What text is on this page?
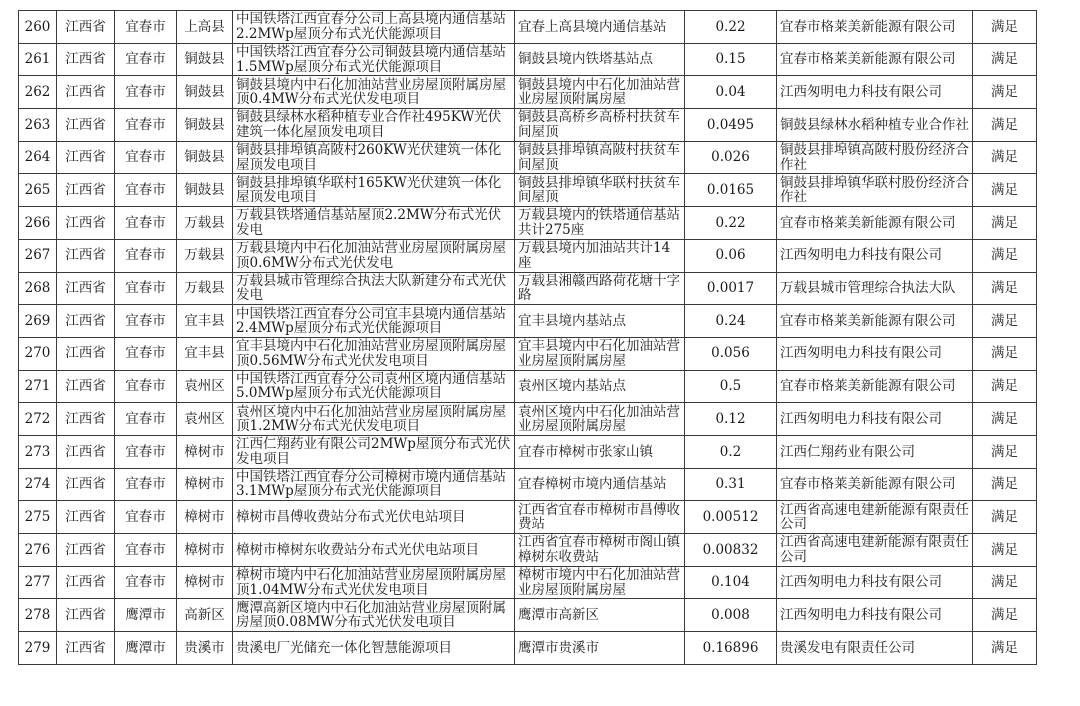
260	江西省	宜春市	上高县	中国铁塔江西宜春分公司上高县境内通信基站2.2MWp屋顶分布式光伏能源项目	宜春上高县境内通信基站	0.22	宜春市格莱美新能源有限公司	满足
261	江西省	宜春市	铜鼓县	中国铁塔江西宜春分公司铜鼓县境内通信基站1.5MWp屋顶分布式光伏能源项目	铜鼓县境内铁塔基站点	0.15	宜春市格莱美新能源有限公司	满足
262	江西省	宜春市	铜鼓县	铜鼓县境内中石化加油站营业房屋顶附属房屋顶0.4MW分布式光伏发电项目	铜鼓县境内中石化加油站营业房屋顶附属房屋	0.04	江西匆明电力科技有限公司	满足
263	江西省	宜春市	铜鼓县	铜鼓县绿林水稻种植专业合作社495KW光伏建筑一体化屋顶发电项目	铜鼓县高桥乡高桥村扶贫车间屋顶	0.0495	铜鼓县绿林水稻种植专业合作社	满足
264	江西省	宜春市	铜鼓县	铜鼓县排埠镇高陂村260KW光伏建筑一体化屋顶发电项目	铜鼓县排埠镇高陂村扶贫车间屋顶	0.026	铜鼓县排埠镇高陂村股份经济合作社	满足
265	江西省	宜春市	铜鼓县	铜鼓县排埠镇华联村165KW光伏建筑一体化屋顶发电项目	铜鼓县排埠镇华联村扶贫车间屋顶	0.0165	铜鼓县排埠镇华联村股份经济合作社	满足
266	江西省	宜春市	万载县	万载县铁塔通信基站屋顶2.2MW分布式光伏发电	万载县境内的铁塔通信基站共计275座	0.22	宜春市格莱美新能源有限公司	满足
267	江西省	宜春市	万载县	万载县境内中石化加油站营业房屋顶附属房屋顶0.6MW分布式光伏发电	万载县境内加油站共计14座	0.06	江西匆明电力科技有限公司	满足
268	江西省	宜春市	万载县	万载县城市管理综合执法大队新建分布式光伏发电	万载县湘赣西路荷花塘十字路	0.0017	万载县城市管理综合执法大队	满足
269	江西省	宜春市	宜丰县	中国铁塔江西宜春分公司宜丰县境内通信基站2.4MWp屋顶分布式光伏能源项目	宜丰县境内基站点	0.24	宜春市格莱美新能源有限公司	满足
270	江西省	宜春市	宜丰县	宜丰县境内中石化加油站营业房屋顶附属房屋顶0.56MW分布式光伏发电项目	宜丰县境内中石化加油站营业房屋顶附属房屋	0.056	江西匆明电力科技有限公司	满足
271	江西省	宜春市	袁州区	中国铁塔江西宜春分公司袁州区境内通信基站5.0MWp屋顶分布式光伏能源项目	袁州区境内基站点	0.5	宜春市格莱美新能源有限公司	满足
272	江西省	宜春市	袁州区	袁州区境内中石化加油站营业房屋顶附属房屋顶1.2MW分布式光伏发电项目	袁州区境内中石化加油站营业房屋顶附属房屋	0.12	江西匆明电力科技有限公司	满足
273	江西省	宜春市	樟树市	江西仁翔药业有限公司2MWp屋顶分布式光伏发电项目	宜春市樟树市张家山镇	0.2	江西仁翔药业有限公司	满足
274	江西省	宜春市	樟树市	中国铁塔江西宜春分公司樟树市境内通信基站3.1MWp屋顶分布式光伏能源项目	宜春樟树市境内通信基站	0.31	宜春市格莱美新能源有限公司	满足
275	江西省	宜春市	樟树市	樟树市昌傅收费站分布式光伏电站项目	江西省宜春市樟树市昌傅收费站	0.00512	江西省高速电建新能源有限责任公司	满足
276	江西省	宜春市	樟树市	樟树市樟树东收费站分布式光伏电站项目	江西省宜春市樟树市阁山镇樟树东收费站	0.00832	江西省高速电建新能源有限责任公司	满足
277	江西省	宜春市	樟树市	樟树市境内中石化加油站营业房屋顶附属房屋顶1.04MW分布式光伏发电项目	樟树市境内中石化加油站营业房屋顶附属房屋	0.104	江西匆明电力科技有限公司	满足
278	江西省	鹰潭市	高新区	鹰潭高新区境内中石化加油站营业房屋顶附属房屋顶0.08MW分布式光伏发电项目	鹰潭市高新区	0.008	江西匆明电力科技有限公司	满足
279	江西省	鹰潭市	贵溪市	贵溪电厂光储充一体化智慧能源项目	鹰潭市贵溪市	0.16896	贵溪发电有限责任公司	满足
